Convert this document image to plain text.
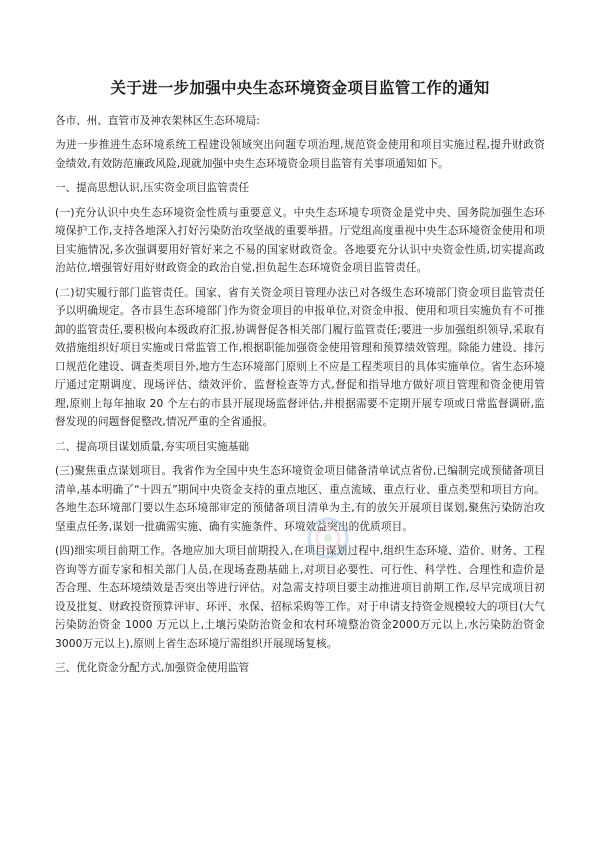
关于进一步加强中央生态环境资金项目监管工作的通知

各市、州、直管市及神农架林区生态环境局:

为进一步推进生态环境系统工程建设领域突出问题专项治理,规范资金使用和项目实施过程,提升财政资金绩效,有效防范廉政风险,现就加强中央生态环境资金项目监管有关事项通知如下。

一、提高思想认识,压实资金项目监管责任

(一)充分认识中央生态环境资金性质与重要意义。中央生态环境专项资金是党中央、国务院加强生态环境保护工作,支持各地深入打好污染防治攻坚战的重要举措。厅党组高度重视中央生态环境资金使用和项目实施情况,多次强调要用好管好来之不易的国家财政资金。各地要充分认识中央资金性质,切实提高政治站位,增强管好用好财政资金的政治自觉,担负起生态环境资金项目监管责任。

(二)切实履行部门监管责任。国家、省有关资金项目管理办法已对各级生态环境部门资金项目监管责任予以明确规定。各市县生态环境部门作为资金项目的申报单位,对资金申报、使用和项目实施负有不可推卸的监管责任,要积极向本级政府汇报,协调督促各相关部门履行监管责任;要进一步加强组织领导,采取有效措施组织好项目实施或日常监管工作,根据职能加强资金使用管理和预算绩效管理。除能力建设、排污口规范化建设、调查类项目外,地方生态环境部门原则上不应是工程类项目的具体实施单位。省生态环境厅通过定期调度、现场评估、绩效评价、监督检查等方式,督促和指导地方做好项目管理和资金使用管理,原则上每年抽取 20 个左右的市县开展现场监督评估,并根据需要不定期开展专项或日常监督调研,监督发现的问题督促整改,情况严重的全省通报。

二、提高项目谋划质量,夯实项目实施基础

(三)聚焦重点谋划项目。我省作为全国中央生态环境资金项目储备清单试点省份,已编制完成预储备项目清单,基本明确了“十四五”期间中央资金支持的重点地区、重点流域、重点行业、重点类型和项目方向。各地生态环境部门要以生态环境部审定的预储备项目清单为主,有的放矢开展项目谋划,聚焦污染防治攻坚重点任务,谋划一批确需实施、确有实施条件、环境效益突出的优质项目。

(四)细实项目前期工作。各地应加大项目前期投入,在项目谋划过程中,组织生态环境、造价、财务、工程咨询等方面专家和相关部门人员,在现场查勘基础上,对项目必要性、可行性、科学性、合理性和造价是否合理、生态环境绩效是否突出等进行评估。对急需支持项目要主动推进项目前期工作,尽早完成项目初设及批复、财政投资预算评审、环评、水保、招标采购等工作。对于申请支持资金规模较大的项目(大气污染防治资金 1000 万元以上,土壤污染防治资金和农村环境整治资金2000万元以上,水污染防治资金3000万元以上),原则上省生态环境厅需组织开展现场复核。

三、优化资金分配方式,加强资金使用监管
